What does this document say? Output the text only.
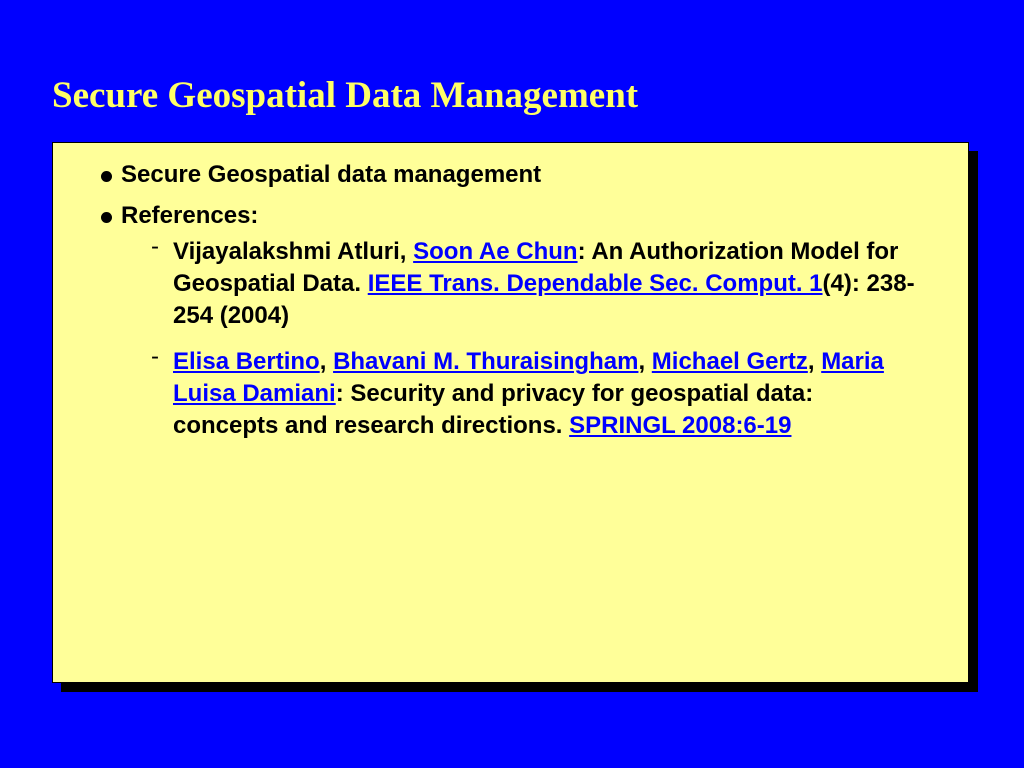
Secure Geospatial Data Management
Secure Geospatial data management
References:
- Vijayalakshmi Atluri, Soon Ae Chun: An Authorization Model for Geospatial Data. IEEE Trans. Dependable Sec. Comput. 1(4): 238-254 (2004)
- Elisa Bertino, Bhavani M. Thuraisingham, Michael Gertz, Maria Luisa Damiani: Security and privacy for geospatial data: concepts and research directions. SPRINGL 2008:6-19
